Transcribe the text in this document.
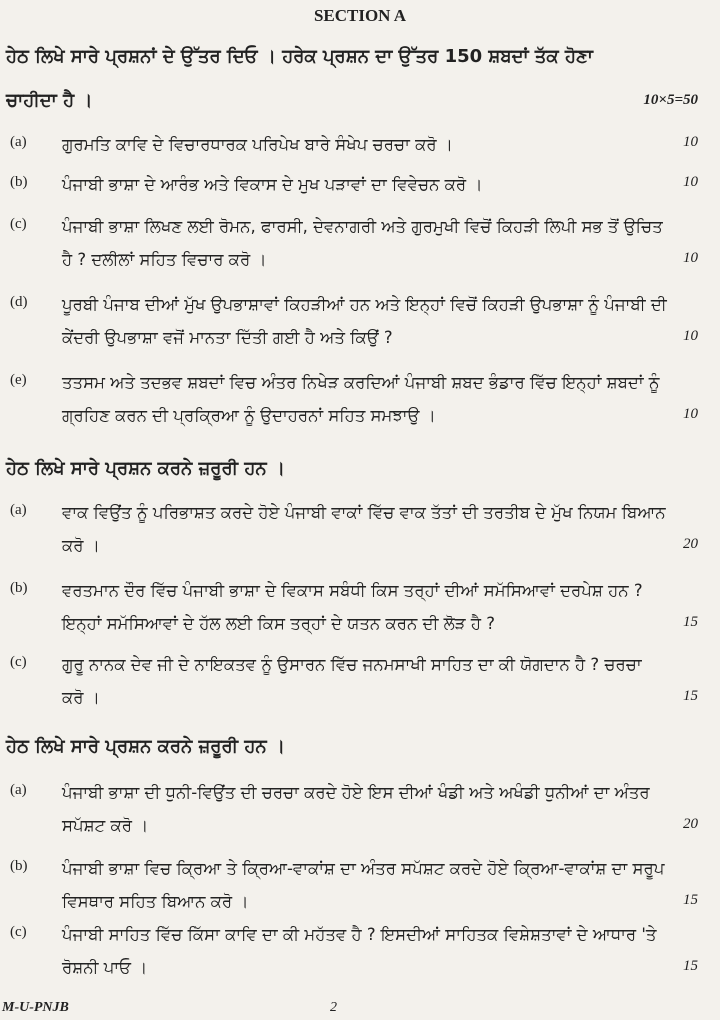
SECTION A
ਹੇਠ ਲਿਖੇ ਸਾਰੇ ਪ੍ਰਸ਼ਨਾਂ ਦੇ ਉੱਤਰ ਦਿਓ । ਹਰੇਕ ਪ੍ਰਸ਼ਨ ਦਾ ਉੱਤਰ 150 ਸ਼ਬਦਾਂ ਤੱਕ ਹੋਣਾ
ਚਾਹੀਦਾ ਹੈ ।	10×5=50
(a) ਗੁਰਮਤਿ ਕਾਵਿ ਦੇ ਵਿਚਾਰਧਾਰਕ ਪਰਿਪੇਖ ਬਾਰੇ ਸੰਖੇਪ ਚਰਚਾ ਕਰੋ ।	10
(b) ਪੰਜਾਬੀ ਭਾਸ਼ਾ ਦੇ ਆਰੰਭ ਅਤੇ ਵਿਕਾਸ ਦੇ ਮੁਖ ਪੜਾਵਾਂ ਦਾ ਵਿਵੇਚਨ ਕਰੋ ।	10
(c) ਪੰਜਾਬੀ ਭਾਸ਼ਾ ਲਿਖਣ ਲਈ ਰੋਮਨ, ਫਾਰਸੀ, ਦੇਵਨਾਗਰੀ ਅਤੇ ਗੁਰਮੁਖੀ ਵਿਚੋਂ ਕਿਹੜੀ ਲਿਪੀ ਸਭ ਤੋਂ ਉਚਿਤ ਹੈ ? ਦਲੀਲਾਂ ਸਹਿਤ ਵਿਚਾਰ ਕਰੋ ।	10
(d) ਪੂਰਬੀ ਪੰਜਾਬ ਦੀਆਂ ਮੁੱਖ ਉਪਭਾਸ਼ਾਵਾਂ ਕਿਹੜੀਆਂ ਹਨ ਅਤੇ ਇਨ੍ਹਾਂ ਵਿਚੋਂ ਕਿਹੜੀ ਉਪਭਾਸ਼ਾ ਨੂੰ ਪੰਜਾਬੀ ਦੀ ਕੇਂਦਰੀ ਉਪਭਾਸ਼ਾ ਵਜੋਂ ਮਾਨਤਾ ਦਿੱਤੀ ਗਈ ਹੈ ਅਤੇ ਕਿਉਂ ?	10
(e) ਤਤਸਮ ਅਤੇ ਤਦਭਵ ਸ਼ਬਦਾਂ ਵਿਚ ਅੰਤਰ ਨਿਖੇੜ ਕਰਦਿਆਂ ਪੰਜਾਬੀ ਸ਼ਬਦ ਭੰਡਾਰ ਵਿੱਚ ਇਨ੍ਹਾਂ ਸ਼ਬਦਾਂ ਨੂੰ ਗ੍ਰਹਿਣ ਕਰਨ ਦੀ ਪ੍ਰਕ੍ਰਿਆ ਨੂੰ ਉਦਾਹਰਨਾਂ ਸਹਿਤ ਸਮਝਾਉ ।	10
ਹੇਠ ਲਿਖੇ ਸਾਰੇ ਪ੍ਰਸ਼ਨ ਕਰਨੇ ਜ਼ਰੂਰੀ ਹਨ ।
(a) ਵਾਕ ਵਿਉਂਤ ਨੂੰ ਪਰਿਭਾਸ਼ਤ ਕਰਦੇ ਹੋਏ ਪੰਜਾਬੀ ਵਾਕਾਂ ਵਿੱਚ ਵਾਕ ਤੱਤਾਂ ਦੀ ਤਰਤੀਬ ਦੇ ਮੁੱਖ ਨਿਯਮ ਬਿਆਨ ਕਰੋ ।	20
(b) ਵਰਤਮਾਨ ਦੌਰ ਵਿੱਚ ਪੰਜਾਬੀ ਭਾਸ਼ਾ ਦੇ ਵਿਕਾਸ ਸਬੰਧੀ ਕਿਸ ਤਰ੍ਹਾਂ ਦੀਆਂ ਸਮੱਸਿਆਵਾਂ ਦਰਪੇਸ਼ ਹਨ ? ਇਨ੍ਹਾਂ ਸਮੱਸਿਆਵਾਂ ਦੇ ਹੱਲ ਲਈ ਕਿਸ ਤਰ੍ਹਾਂ ਦੇ ਯਤਨ ਕਰਨ ਦੀ ਲੋੜ ਹੈ ?	15
(c) ਗੁਰੂ ਨਾਨਕ ਦੇਵ ਜੀ ਦੇ ਨਾਇਕਤਵ ਨੂੰ ਉਸਾਰਨ ਵਿੱਚ ਜਨਮਸਾਖੀ ਸਾਹਿਤ ਦਾ ਕੀ ਯੋਗਦਾਨ ਹੈ ? ਚਰਚਾ ਕਰੋ ।	15
ਹੇਠ ਲਿਖੇ ਸਾਰੇ ਪ੍ਰਸ਼ਨ ਕਰਨੇ ਜ਼ਰੂਰੀ ਹਨ ।
(a) ਪੰਜਾਬੀ ਭਾਸ਼ਾ ਦੀ ਧੁਨੀ-ਵਿਉਂਤ ਦੀ ਚਰਚਾ ਕਰਦੇ ਹੋਏ ਇਸ ਦੀਆਂ ਖੰਡੀ ਅਤੇ ਅਖੰਡੀ ਧੁਨੀਆਂ ਦਾ ਅੰਤਰ ਸਪੱਸ਼ਟ ਕਰੋ ।	20
(b) ਪੰਜਾਬੀ ਭਾਸ਼ਾ ਵਿਚ ਕ੍ਰਿਆ ਤੇ ਕ੍ਰਿਆ-ਵਾਕਾਂਸ਼ ਦਾ ਅੰਤਰ ਸਪੱਸ਼ਟ ਕਰਦੇ ਹੋਏ ਕ੍ਰਿਆ-ਵਾਕਾਂਸ਼ ਦਾ ਸਰੂਪ ਵਿਸਥਾਰ ਸਹਿਤ ਬਿਆਨ ਕਰੋ ।	15
(c) ਪੰਜਾਬੀ ਸਾਹਿਤ ਵਿੱਚ ਕਿੱਸਾ ਕਾਵਿ ਦਾ ਕੀ ਮਹੱਤਵ ਹੈ ? ਇਸਦੀਆਂ ਸਾਹਿਤਕ ਵਿਸ਼ੇਸ਼ਤਾਵਾਂ ਦੇ ਆਧਾਰ 'ਤੇ ਰੋਸ਼ਨੀ ਪਾਓ ।	15
M-U-PNJB	2
